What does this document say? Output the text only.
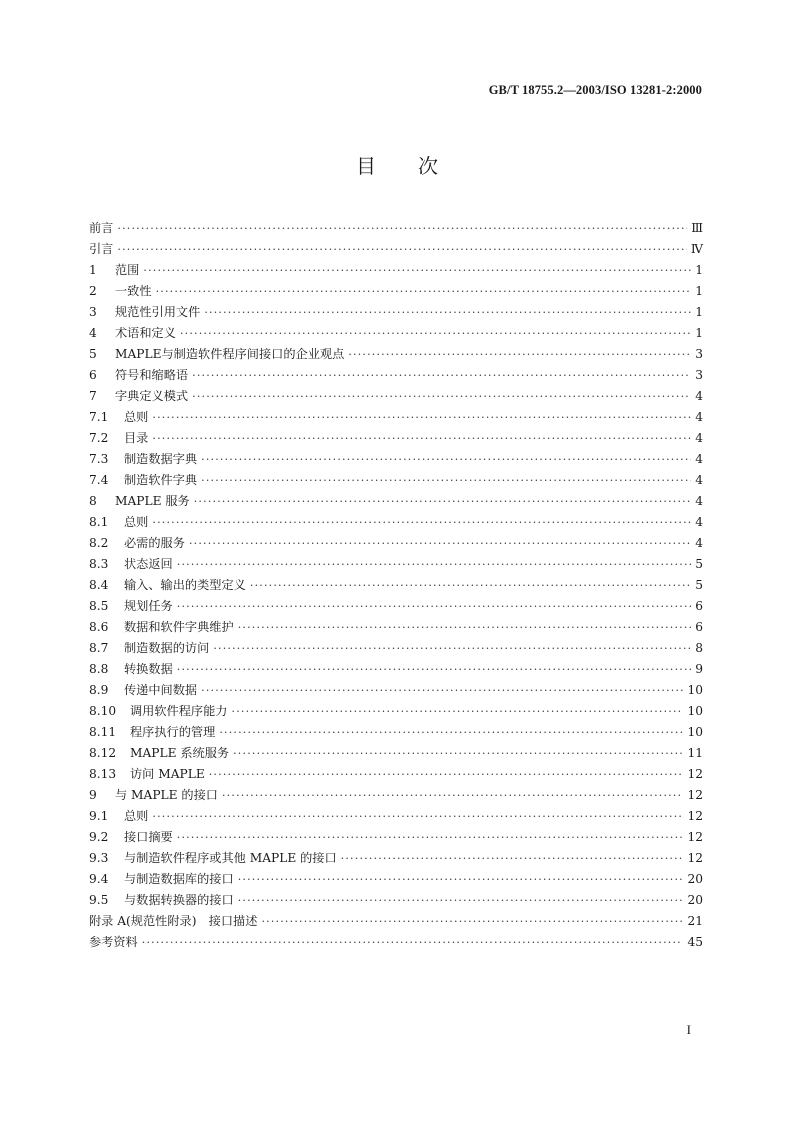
GB/T 18755.2—2003/ISO 13281-2:2000
目 次
前言 ·····	Ⅲ
引言 ·····	Ⅳ
1	范围 ·····	1
2	一致性 ·····	1
3	规范性引用文件 ·····	1
4	术语和定义 ·····	1
5	MAPLE与制造软件程序间接口的企业观点 ·····	3
6	符号和缩略语 ·····	3
7	字典定义模式 ·····	4
7.1	总则 ·····	4
7.2	目录 ·····	4
7.3	制造数据字典 ·····	4
7.4	制造软件字典 ·····	4
8	MAPLE 服务 ·····	4
8.1	总则 ·····	4
8.2	必需的服务 ·····	4
8.3	状态返回 ·····	5
8.4	输入、输出的类型定义 ·····	5
8.5	规划任务 ·····	6
8.6	数据和软件字典维护 ·····	6
8.7	制造数据的访问 ·····	8
8.8	转换数据 ·····	9
8.9	传递中间数据 ·····	10
8.10	调用软件程序能力 ·····	10
8.11	程序执行的管理 ·····	10
8.12	MAPLE 系统服务 ·····	11
8.13	访问 MAPLE ·····	12
9	与 MAPLE 的接口 ·····	12
9.1	总则 ·····	12
9.2	接口摘要 ·····	12
9.3	与制造软件程序或其他 MAPLE 的接口 ·····	12
9.4	与制造数据库的接口 ·····	20
9.5	与数据转换器的接口 ·····	20
附录 A(规范性附录)　接口描述 ·····	21
参考资料 ·····	45
I
